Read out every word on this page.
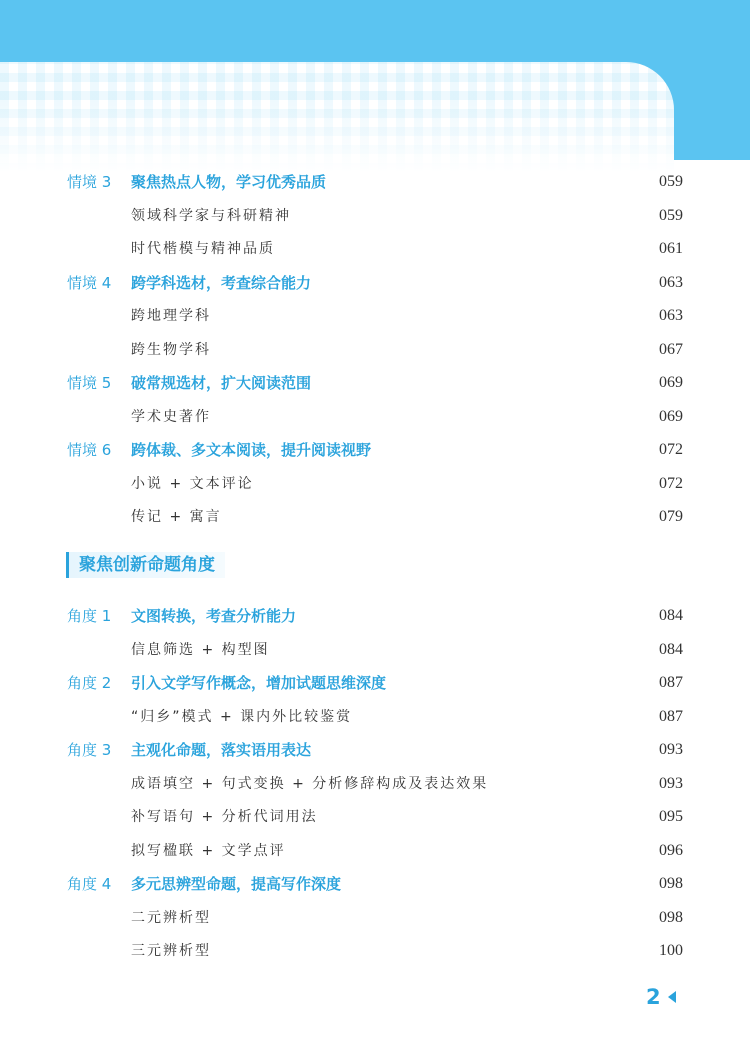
情境 3 聚焦热点人物，学习优秀品质	059
领域科学家与科研精神	059
时代楷模与精神品质	061
情境 4 跨学科选材，考查综合能力	063
跨地理学科	063
跨生物学科	067
情境 5 破常规选材，扩大阅读范围	069
学术史著作	069
情境 6 跨体裁、多文本阅读，提升阅读视野	072
小说 + 文本评论	072
传记 + 寓言	079
聚焦创新命题角度
角度 1 文图转换，考查分析能力	084
信息筛选 + 构型图	084
角度 2 引入文学写作概念，增加试题思维深度	087
“归乡”模式 + 课内外比较鉴赏	087
角度 3 主观化命题，落实语用表达	093
成语填空 + 句式变换 + 分析修辞构成及表达效果	093
补写语句 + 分析代词用法	095
拟写楹联 + 文学点评	096
角度 4 多元思辨型命题，提高写作深度	098
二元辨析型	098
三元辨析型	100
2
